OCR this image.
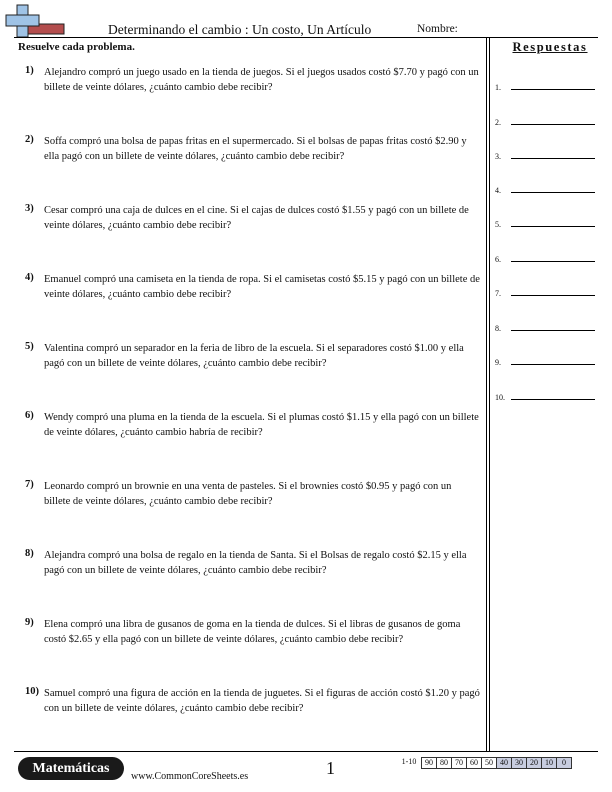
Determinando el cambio : Un costo, Un Artículo	Nombre:
Resuelve cada problema.	Respuestas
1) Alejandro compró un juego usado en la tienda de juegos. Si el juegos usados costó $7.70 y pagó con un billete de veinte dólares, ¿cuánto cambio debe recibir?
2) Soffa compró una bolsa de papas fritas en el supermercado. Si el bolsas de papas fritas costó $2.90 y ella pagó con un billete de veinte dólares, ¿cuánto cambio debe recibir?
3) Cesar compró una caja de dulces en el cine. Si el cajas de dulces costó $1.55 y pagó con un billete de veinte dólares, ¿cuánto cambio debe recibir?
4) Emanuel compró una camiseta en la tienda de ropa. Si el camisetas costó $5.15 y pagó con un billete de veinte dólares, ¿cuánto cambio debe recibir?
5) Valentina compró un separador en la feria de libro de la escuela. Si el separadores costó $1.00 y ella pagó con un billete de veinte dólares, ¿cuánto cambio debe recibir?
6) Wendy compró una pluma en la tienda de la escuela. Si el plumas costó $1.15 y ella pagó con un billete de veinte dólares, ¿cuánto cambio habría de recibir?
7) Leonardo compró un brownie en una venta de pasteles. Si el brownies costó $0.95 y pagó con un billete de veinte dólares, ¿cuánto cambio debe recibir?
8) Alejandra compró una bolsa de regalo en la tienda de Santa. Si el Bolsas de regalo costó $2.15 y ella pagó con un billete de veinte dólares, ¿cuánto cambio debe recibir?
9) Elena compró una libra de gusanos de goma en la tienda de dulces. Si el libras de gusanos de goma costó $2.65 y ella pagó con un billete de veinte dólares, ¿cuánto cambio debe recibir?
10) Samuel compró una figura de acción en la tienda de juguetes. Si el figuras de acción costó $1.20 y pagó con un billete de veinte dólares, ¿cuánto cambio debe recibir?
1.
2.
3.
4.
5.
6.
7.
8.
9.
10.
Matemáticas
www.CommonCoreSheets.es	1	1-10	90 80 70 60 50 40 30 20 10	0
